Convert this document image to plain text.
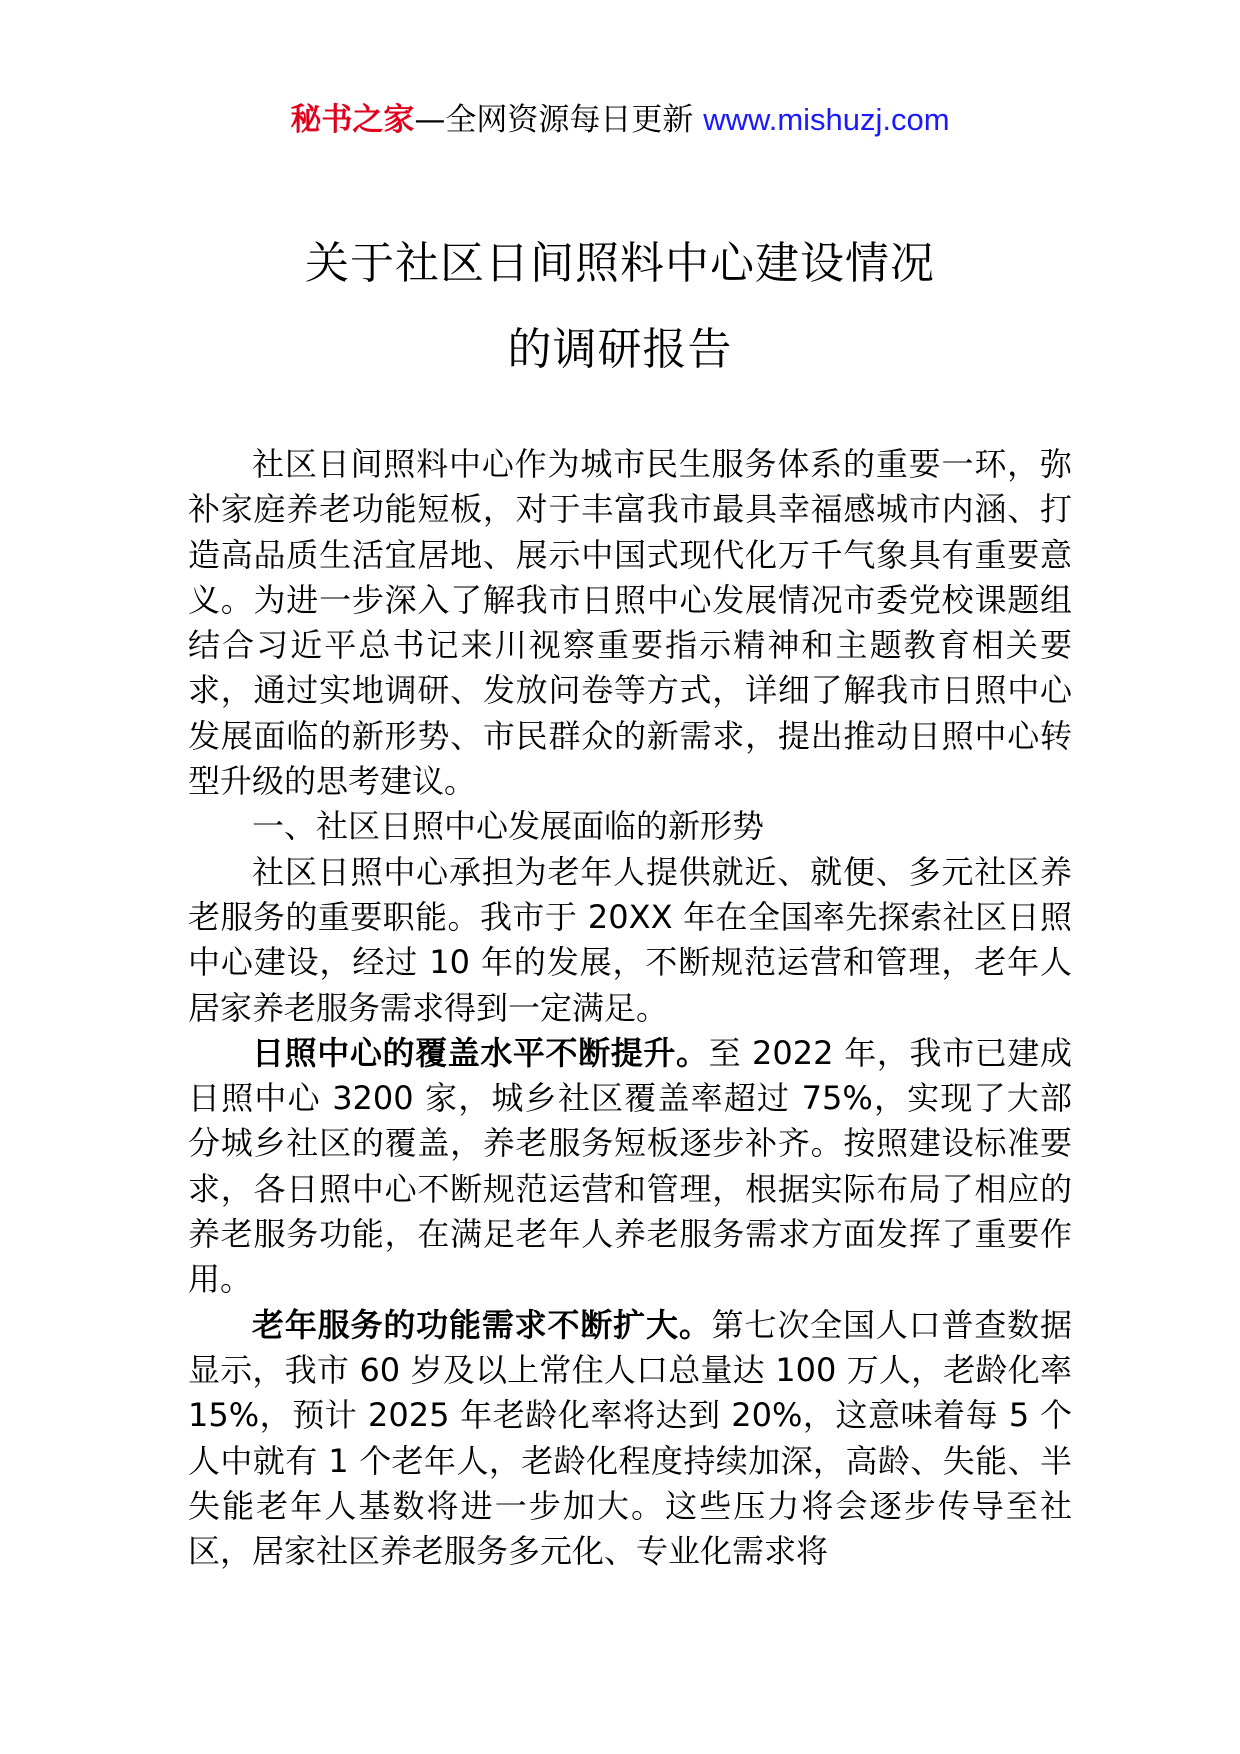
秘书之家—全网资源每日更新 www.mishuzj.com
关于社区日间照料中心建设情况
的调研报告

社区日间照料中心作为城市民生服务体系的重要一环，弥补家庭养老功能短板，对于丰富我市最具幸福感城市内涵、打造高品质生活宜居地、展示中国式现代化万千气象具有重要意义。为进一步深入了解我市日照中心发展情况市委党校课题组结合习近平总书记来川视察重要指示精神和主题教育相关要求，通过实地调研、发放问卷等方式，详细了解我市日照中心发展面临的新形势、市民群众的新需求，提出推动日照中心转型升级的思考建议。

一、社区日照中心发展面临的新形势

社区日照中心承担为老年人提供就近、就便、多元社区养老服务的重要职能。我市于 20XX 年在全国率先探索社区日照中心建设，经过 10 年的发展，不断规范运营和管理，老年人居家养老服务需求得到一定满足。

日照中心的覆盖水平不断提升。至 2022 年，我市已建成日照中心 3200 家，城乡社区覆盖率超过 75%，实现了大部分城乡社区的覆盖，养老服务短板逐步补齐。按照建设标准要求，各日照中心不断规范运营和管理，根据实际布局了相应的养老服务功能，在满足老年人养老服务需求方面发挥了重要作用。

老年服务的功能需求不断扩大。第七次全国人口普查数据显示，我市 60 岁及以上常住人口总量达 100 万人，老龄化率 15%，预计 2025 年老龄化率将达到 20%，这意味着每 5 个人中就有 1 个老年人，老龄化程度持续加深，高龄、失能、半失能老年人基数将进一步加大。这些压力将会逐步传导至社区，居家社区养老服务多元化、专业化需求将
